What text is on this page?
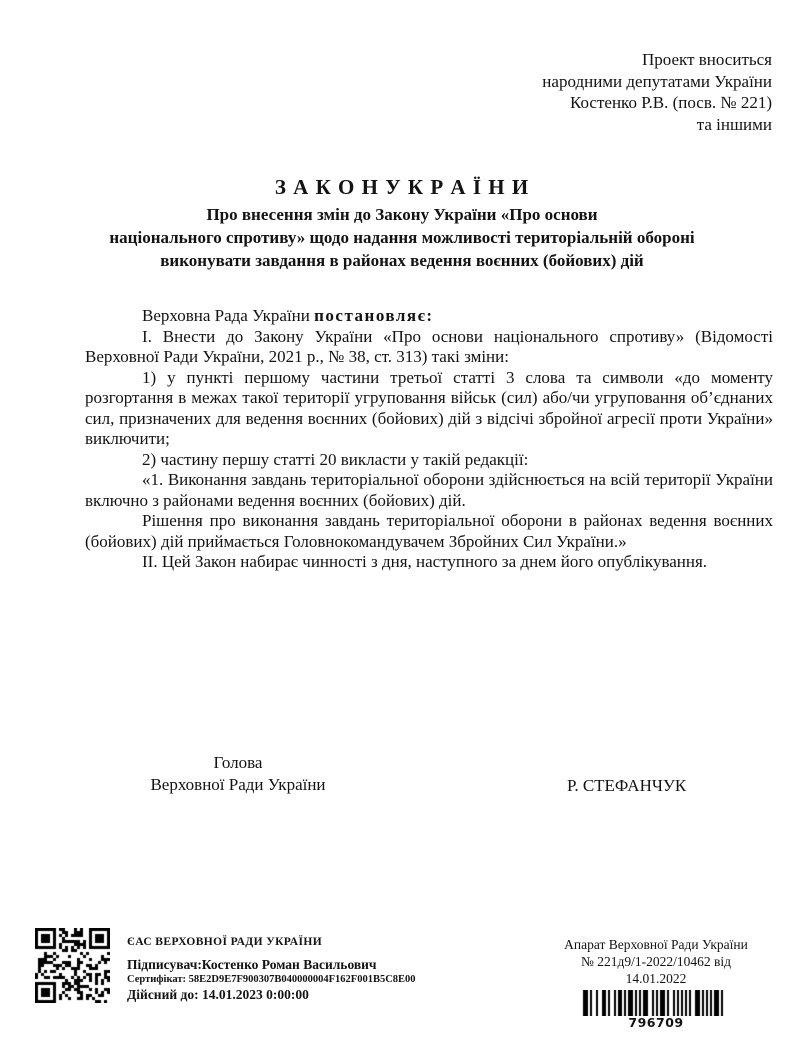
Проект вноситься
народними депутатами України
Костенко Р.В. (посв. № 221)
та іншими
З А К О Н У К Р А Ї Н И
Про внесення змін до Закону України «Про основи
національного спротиву» щодо надання можливості територіальній обороні
виконувати завдання в районах ведення воєнних (бойових) дій

Верховна Рада України постановляє:

І. Внести до Закону України «Про основи національного спротиву» (Відомості Верховної Ради України, 2021 р., № 38, ст. 313) такі зміни:

1) у пункті першому частини третьої статті 3 слова та символи «до моменту розгортання в межах такої території угруповання військ (сил) або/чи угруповання об’єднаних сил, призначених для ведення воєнних (бойових) дій з відсічі збройної агресії проти України» виключити;

2) частину першу статті 20 викласти у такій редакції:

«1. Виконання завдань територіальної оборони здійснюється на всій території України включно з районами ведення воєнних (бойових) дій.

Рішення про виконання завдань територіальної оборони в районах ведення воєнних (бойових) дій приймається Головнокомандувачем Збройних Сил України.»

ІІ. Цей Закон набирає чинності з дня, наступного за днем його опублікування.

Голова
Верховної Ради України	Р. СТЕФАНЧУК
ЄАС ВЕРХОВНОЇ РАДИ УКРАЇНИ
Підписувач:Костенко Роман Васильович
Сертифікат: 58E2D9E7F900307B040000004F162F001B5C8E00
Дійсний до: 14.01.2023 0:00:00
Апарат Верховної Ради України
№ 221д9/1-2022/10462 від 14.01.2022
796709
